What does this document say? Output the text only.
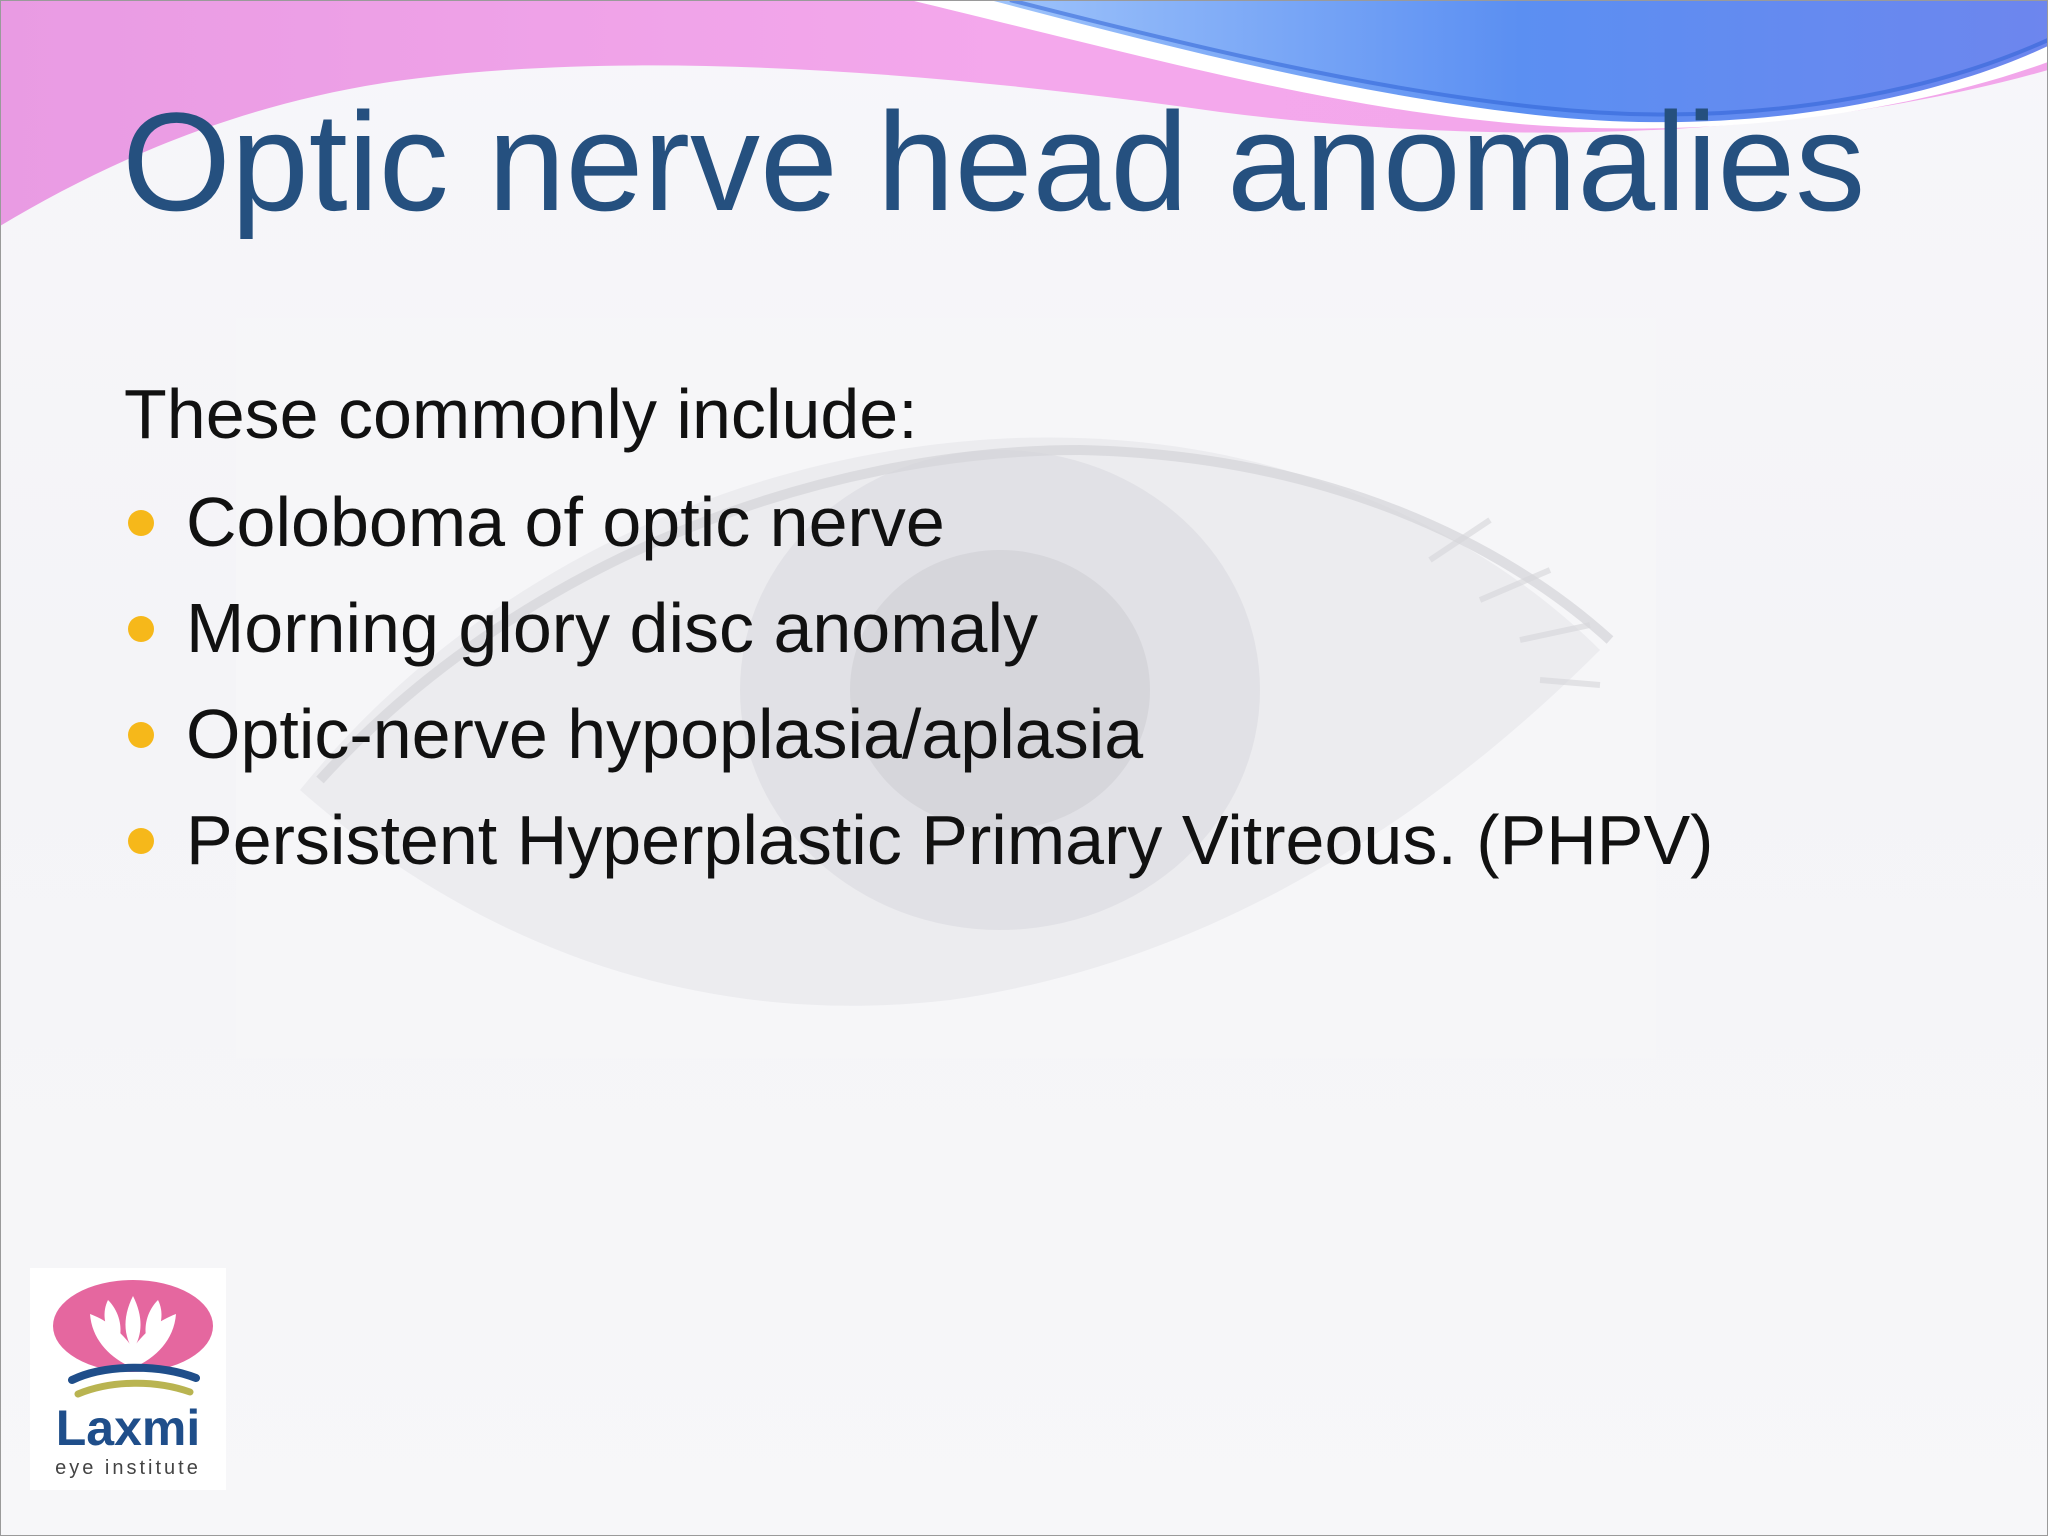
Optic nerve head anomalies
These commonly include:
Coloboma of optic nerve
Morning glory disc anomaly
Optic-nerve hypoplasia/aplasia
Persistent Hyperplastic Primary Vitreous. (PHPV)
Laxmi
eye institute
